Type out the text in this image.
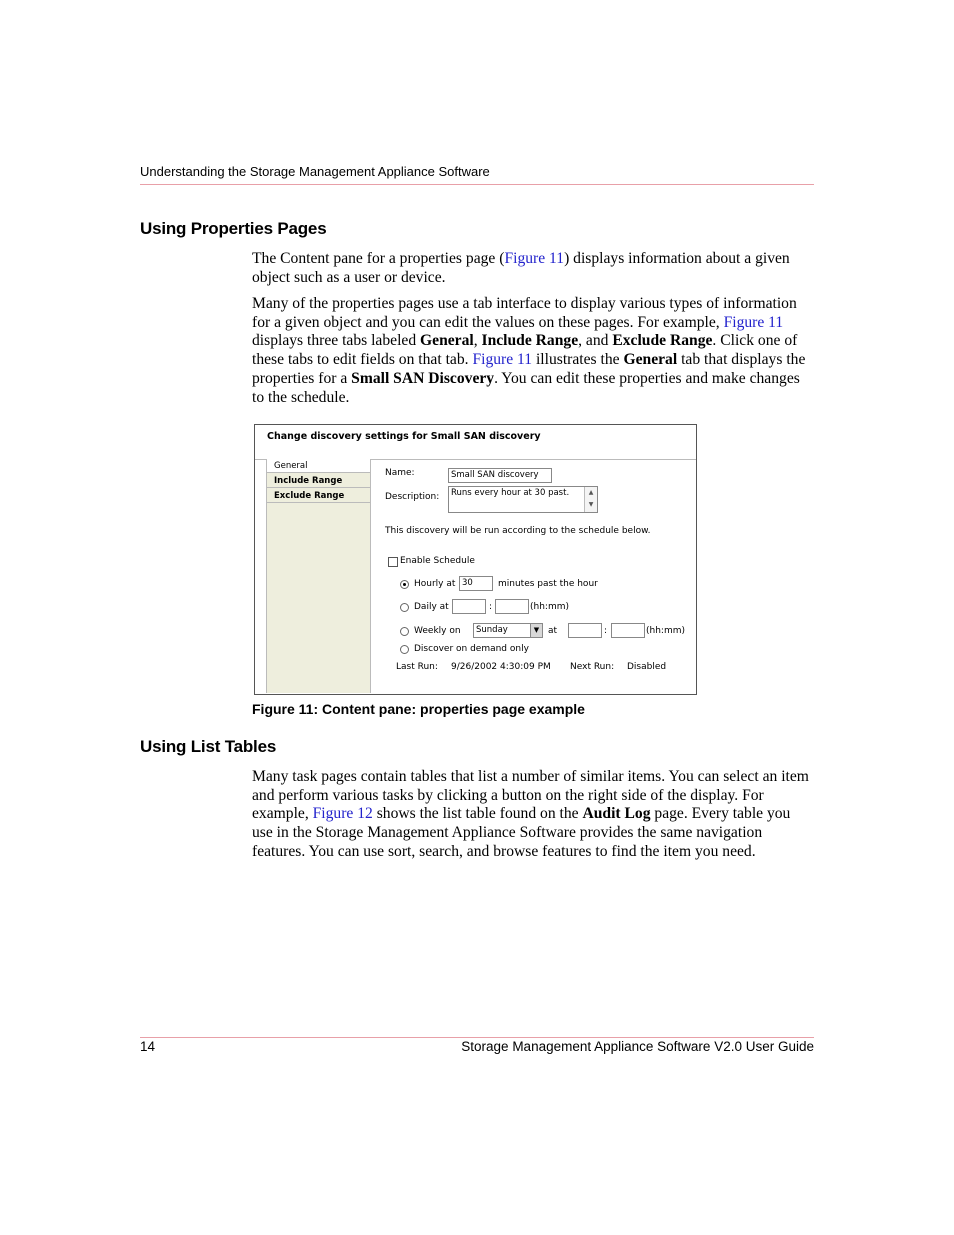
Understanding the Storage Management Appliance Software
Using Properties Pages

The Content pane for a properties page (Figure 11) displays information about a given object such as a user or device.

Many of the properties pages use a tab interface to display various types of information for a given object and you can edit the values on these pages. For example, Figure 11 displays three tabs labeled General, Include Range, and Exclude Range. Click one of these tabs to edit fields on that tab. Figure 11 illustrates the General tab that displays the properties for a Small SAN Discovery. You can edit these properties and make changes to the schedule.

Change discovery settings for Small SAN discovery
General
Include Range
Exclude Range
Name:	Small SAN discovery
Description:	Runs every hour at 30 past.	▲
▼
This discovery will be run according to the schedule below.
Enable Schedule
Hourly at 30	minutes past the hour
Daily at	:	(hh:mm)
Weekly on	Sunday	▼ at	:	(hh:mm)
Discover on demand only
Last Run: 9/26/2002 4:30:09 PM Next Run: Disabled
Figure 11: Content pane: properties page example
Using List Tables

Many task pages contain tables that list a number of similar items. You can select an item and perform various tasks by clicking a button on the right side of the display. For example, Figure 12 shows the list table found on the Audit Log page. Every table you use in the Storage Management Appliance Software provides the same navigation features. You can use sort, search, and browse features to find the item you need.

14	Storage Management Appliance Software V2.0 User Guide
